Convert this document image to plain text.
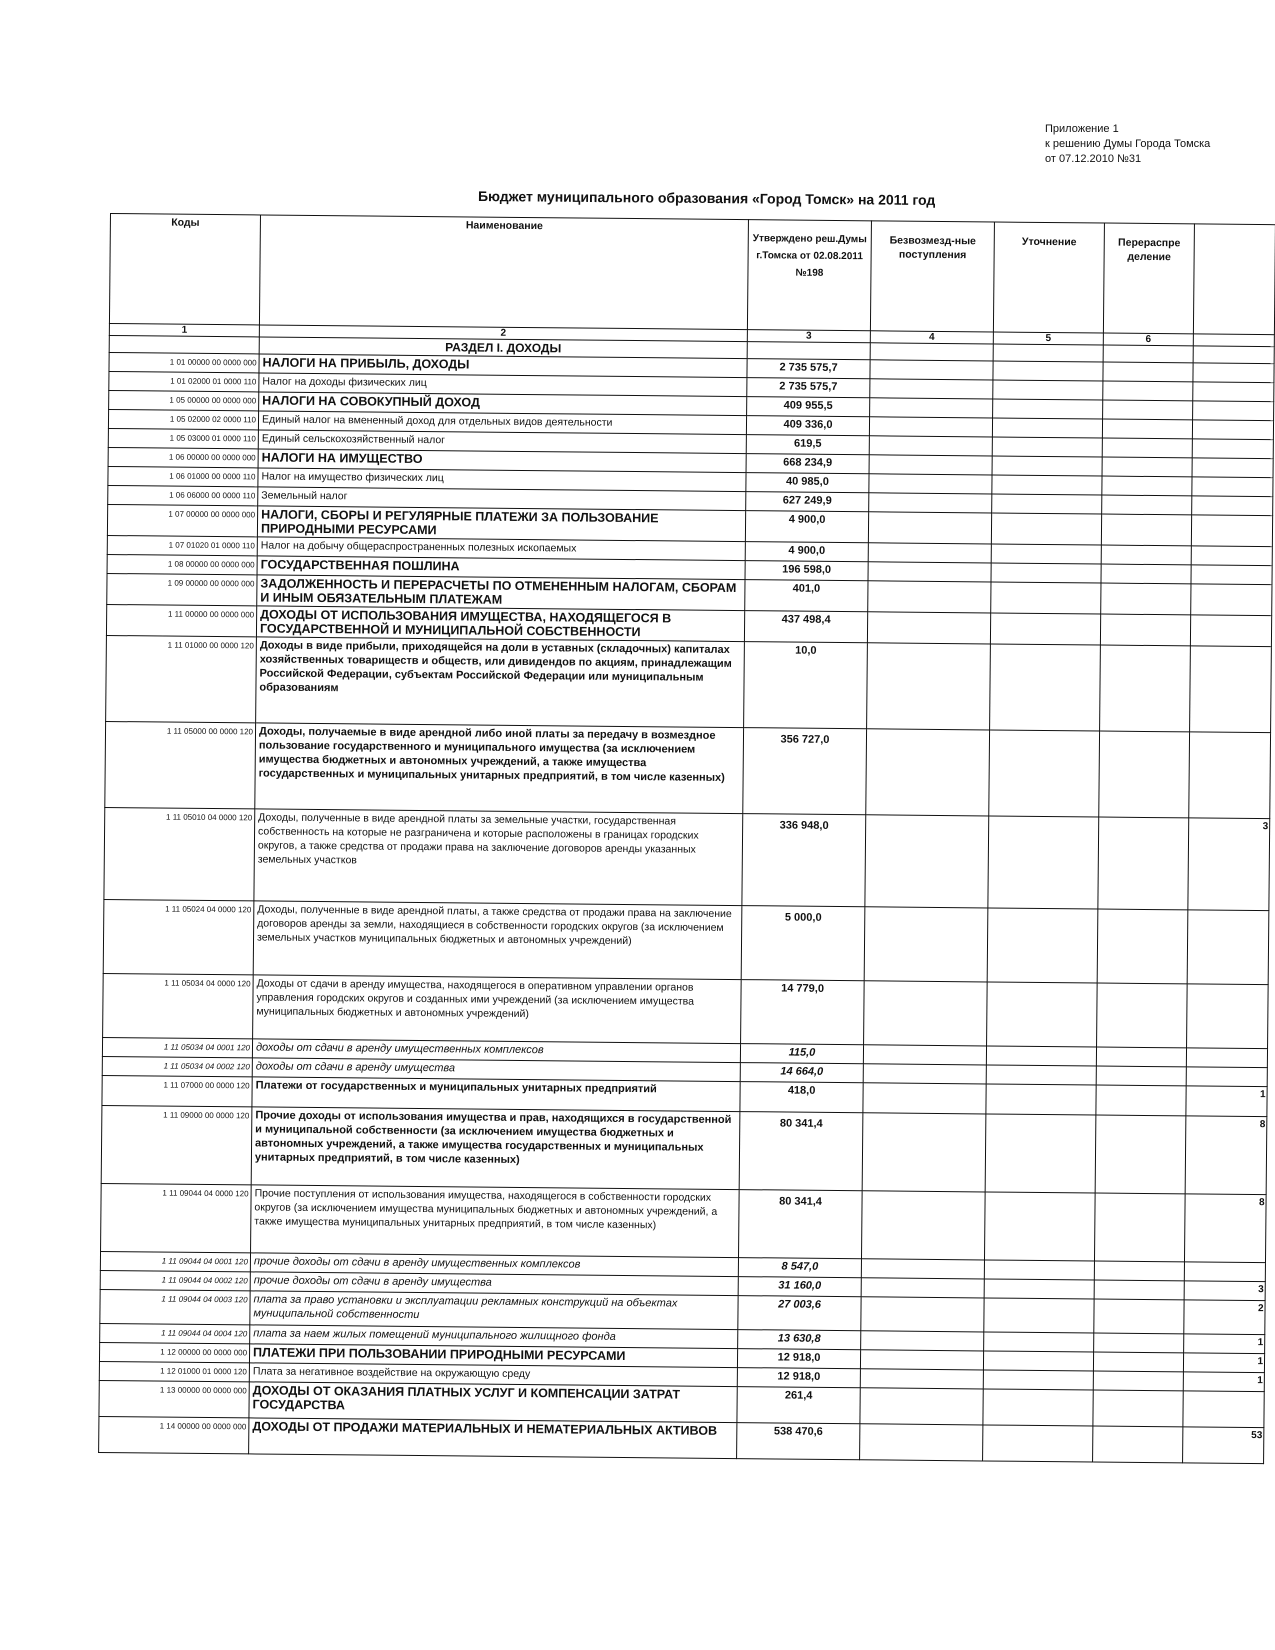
Приложение 1
к решению Думы Города Томска
от 07.12.2010 №31
Бюджет муниципального образования «Город Томск» на 2011 год
Коды	Наименование	Утверждено реш.Думы г.Томска от 02.08.2011 №198	Безвозмезд-ные поступления	Уточнение	Перераспре деление	
1	2	3	4	5	6	
	РАЗДЕЛ I. ДОХОДЫ					
1 01 00000 00 0000 000	НАЛОГИ НА ПРИБЫЛЬ, ДОХОДЫ	2 735 575,7				
1 01 02000 01 0000 110	Налог на доходы физических лиц	2 735 575,7				
1 05 00000 00 0000 000	НАЛОГИ НА СОВОКУПНЫЙ ДОХОД	409 955,5				
1 05 02000 02 0000 110	Единый налог на вмененный доход для отдельных видов деятельности	409 336,0				
1 05 03000 01 0000 110	Единый сельскохозяйственный налог	619,5				
1 06 00000 00 0000 000	НАЛОГИ НА ИМУЩЕСТВО	668 234,9				
1 06 01000 00 0000 110	Налог на имущество физических лиц	40 985,0				
1 06 06000 00 0000 110	Земельный налог	627 249,9				
1 07 00000 00 0000 000	НАЛОГИ, СБОРЫ И РЕГУЛЯРНЫЕ ПЛАТЕЖИ ЗА ПОЛЬЗОВАНИЕ ПРИРОДНЫМИ РЕСУРСАМИ	4 900,0				
1 07 01020 01 0000 110	Налог на добычу общераспространенных полезных ископаемых	4 900,0				
1 08 00000 00 0000 000	ГОСУДАРСТВЕННАЯ ПОШЛИНА	196 598,0				
1 09 00000 00 0000 000	ЗАДОЛЖЕННОСТЬ И ПЕРЕРАСЧЕТЫ ПО ОТМЕНЕННЫМ НАЛОГАМ, СБОРАМ И ИНЫМ ОБЯЗАТЕЛЬНЫМ ПЛАТЕЖАМ	401,0				
1 11 00000 00 0000 000	ДОХОДЫ ОТ ИСПОЛЬЗОВАНИЯ ИМУЩЕСТВА, НАХОДЯЩЕГОСЯ В ГОСУДАРСТВЕННОЙ И МУНИЦИПАЛЬНОЙ СОБСТВЕННОСТИ	437 498,4				
1 11 01000 00 0000 120	Доходы в виде прибыли, приходящейся на доли в уставных (складочных) капиталах хозяйственных товариществ и обществ, или дивидендов по акциям, принадлежащим Российской Федерации, субъектам Российской Федерации или муниципальным образованиям	10,0				
1 11 05000 00 0000 120	Доходы, получаемые в виде арендной либо иной платы за передачу в возмездное пользование государственного и муниципального имущества (за исключением имущества бюджетных и автономных учреждений, а также имущества государственных и муниципальных унитарных предприятий, в том числе казенных)	356 727,0				
1 11 05010 04 0000 120	Доходы, полученные в виде арендной платы за земельные участки, государственная собственность на которые не разграничена и которые расположены в границах городских округов, а также средства от продажи права на заключение договоров аренды указанных земельных участков	336 948,0				3
1 11 05024 04 0000 120	Доходы, полученные в виде арендной платы, а также средства от продажи права на заключение договоров аренды за земли, находящиеся в собственности городских округов (за исключением земельных участков муниципальных бюджетных и автономных учреждений)	5 000,0				
1 11 05034 04 0000 120	Доходы от сдачи в аренду имущества, находящегося в оперативном управлении органов управления городских округов и созданных ими учреждений (за исключением имущества муниципальных бюджетных и автономных учреждений)	14 779,0				
1 11 05034 04 0001 120	доходы от сдачи в аренду имущественных комплексов	115,0				
1 11 05034 04 0002 120	доходы от сдачи в аренду имущества	14 664,0				
1 11 07000 00 0000 120	Платежи от государственных и муниципальных унитарных предприятий	418,0				1
1 11 09000 00 0000 120	Прочие доходы от использования имущества и прав, находящихся в государственной и муниципальной собственности (за исключением имущества бюджетных и автономных учреждений, а также имущества государственных и муниципальных унитарных предприятий, в том числе казенных)	80 341,4				8
1 11 09044 04 0000 120	Прочие поступления от использования имущества, находящегося в собственности городских округов (за исключением имущества муниципальных бюджетных и автономных учреждений, а также имущества муниципальных унитарных предприятий, в том числе казенных)	80 341,4				8
1 11 09044 04 0001 120	прочие доходы от сдачи в аренду имущественных комплексов	8 547,0				
1 11 09044 04 0002 120	прочие доходы от сдачи в аренду имущества	31 160,0				3
1 11 09044 04 0003 120	плата за право установки и эксплуатации рекламных конструкций на объектах муниципальной собственности	27 003,6				2
1 11 09044 04 0004 120	плата за наем жилых помещений муниципального жилищного фонда	13 630,8				1
1 12 00000 00 0000 000	ПЛАТЕЖИ ПРИ ПОЛЬЗОВАНИИ ПРИРОДНЫМИ РЕСУРСАМИ	12 918,0				1
1 12 01000 01 0000 120	Плата за негативное воздействие на окружающую среду	12 918,0				1
1 13 00000 00 0000 000	ДОХОДЫ ОТ ОКАЗАНИЯ ПЛАТНЫХ УСЛУГ И КОМПЕНСАЦИИ ЗАТРАТ ГОСУДАРСТВА	261,4				
1 14 00000 00 0000 000	ДОХОДЫ ОТ ПРОДАЖИ МАТЕРИАЛЬНЫХ И НЕМАТЕРИАЛЬНЫХ АКТИВОВ	538 470,6				53
